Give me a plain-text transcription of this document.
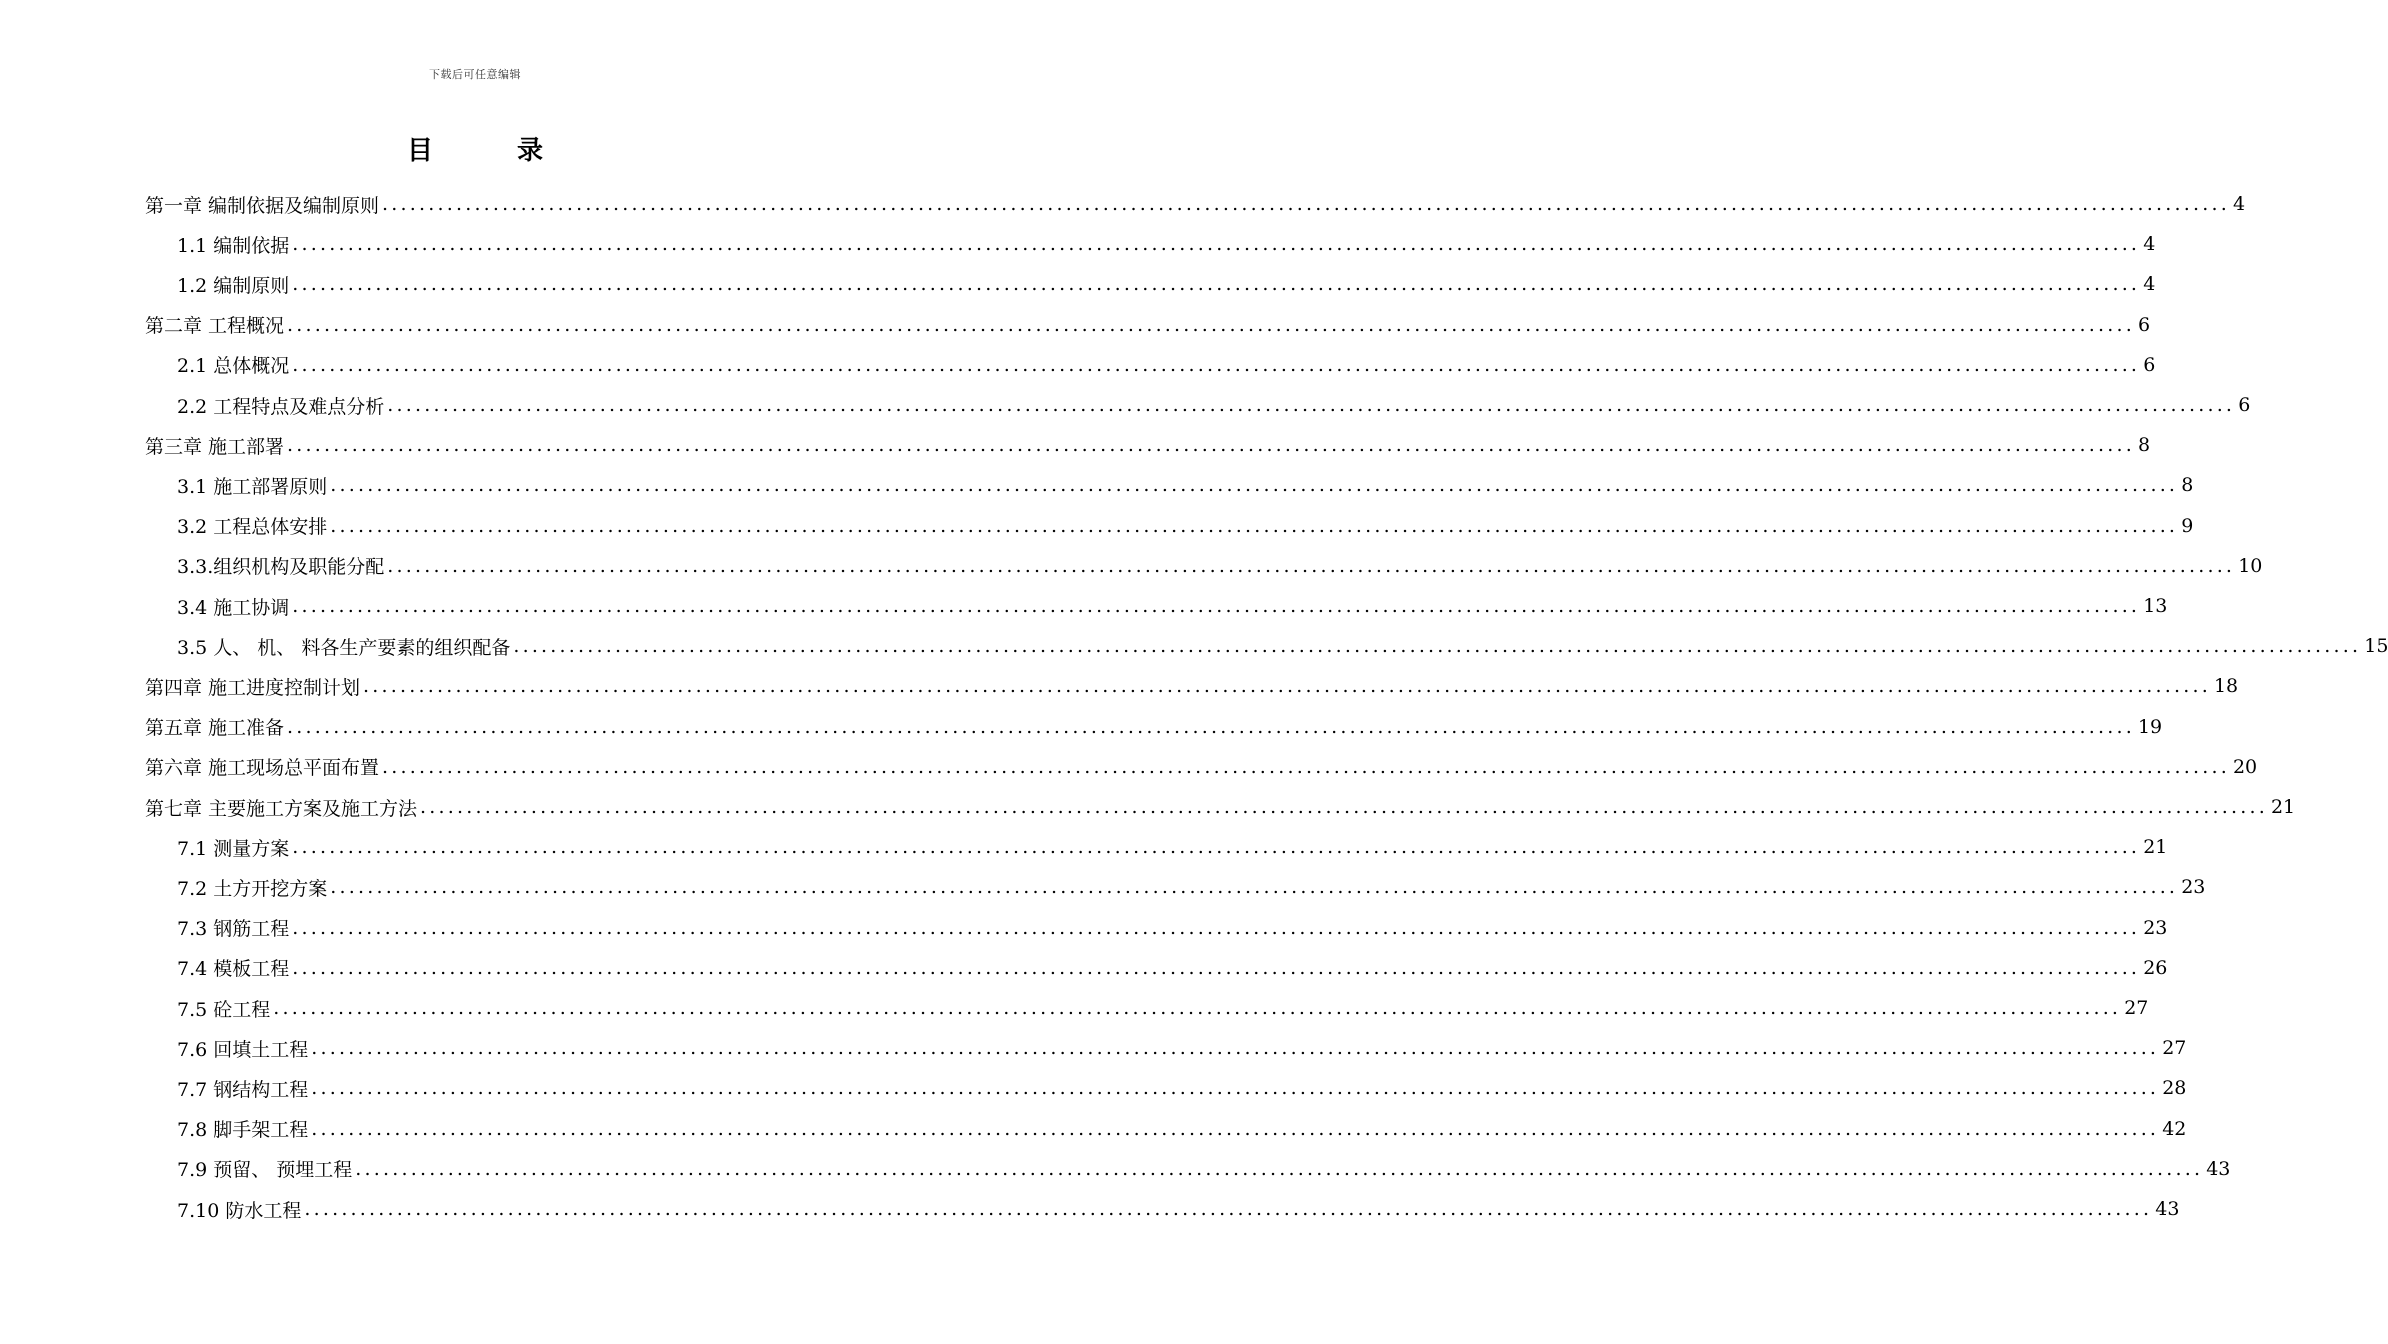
下载后可任意编辑
目	录
第一章 编制依据及编制原则 ........................................................................................................................................................................................................ 4
1.1 编制依据 ........................................................................................................................................................................................................ 4
1.2 编制原则 ........................................................................................................................................................................................................ 4
第二章 工程概况 ........................................................................................................................................................................................................ 6
2.1 总体概况 ........................................................................................................................................................................................................ 6
2.2 工程特点及难点分析 ........................................................................................................................................................................................................ 6
第三章 施工部署 ........................................................................................................................................................................................................ 8
3.1 施工部署原则 ........................................................................................................................................................................................................ 8
3.2 工程总体安排 ........................................................................................................................................................................................................ 9
3.3.组织机构及职能分配 ........................................................................................................................................................................................................ 10
3.4 施工协调 ........................................................................................................................................................................................................ 13
3.5 人、 机、 料各生产要素的组织配备 ........................................................................................................................................................................................................ 15
第四章 施工进度控制计划 ........................................................................................................................................................................................................ 18
第五章 施工准备 ........................................................................................................................................................................................................ 19
第六章 施工现场总平面布置 ........................................................................................................................................................................................................ 20
第七章 主要施工方案及施工方法 ........................................................................................................................................................................................................ 21
7.1 测量方案 ........................................................................................................................................................................................................ 21
7.2 土方开挖方案 ........................................................................................................................................................................................................ 23
7.3 钢筋工程 ........................................................................................................................................................................................................ 23
7.4 模板工程 ........................................................................................................................................................................................................ 26
7.5 砼工程 ........................................................................................................................................................................................................ 27
7.6 回填土工程 ........................................................................................................................................................................................................ 27
7.7 钢结构工程 ........................................................................................................................................................................................................ 28
7.8 脚手架工程 ........................................................................................................................................................................................................ 42
7.9 预留、 预埋工程 ........................................................................................................................................................................................................ 43
7.10 防水工程 ........................................................................................................................................................................................................ 43
